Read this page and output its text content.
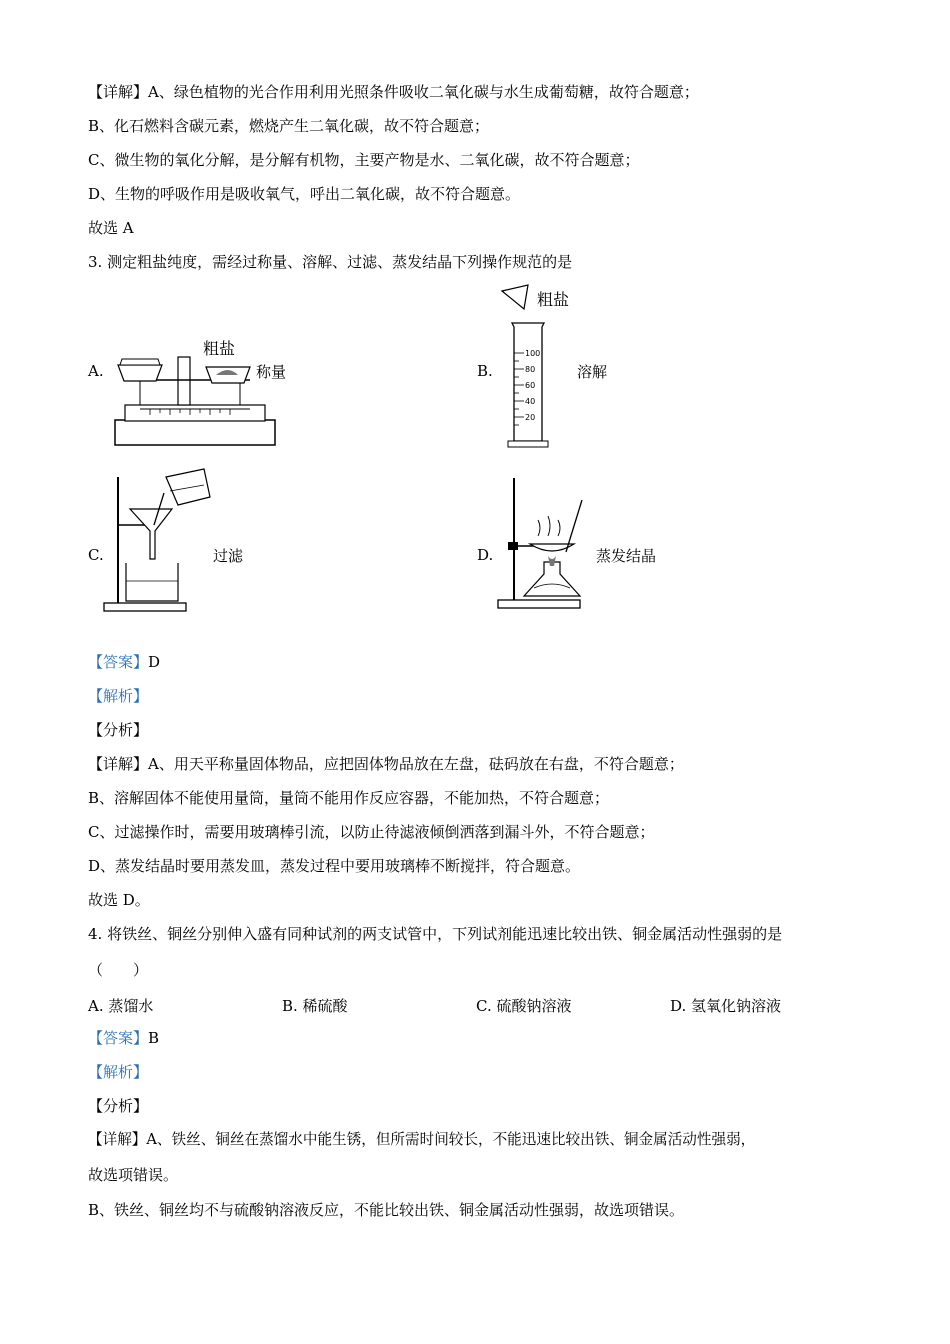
【详解】A、绿色植物的光合作用利用光照条件吸收二氧化碳与水生成葡萄糖，故符合题意；
B、化石燃料含碳元素，燃烧产生二氧化碳，故不符合题意；
C、微生物的氧化分解，是分解有机物，主要产物是水、二氧化碳，故不符合题意；
D、生物的呼吸作用是吸收氧气，呼出二氧化碳，故不符合题意。
故选 A
3. 测定粗盐纯度，需经过称量、溶解、过滤、蒸发结晶下列操作规范的是
A.
粗盐
称量	B.
100
80
60
40
20
粗盐
溶解
C.	过滤	D.	蒸发结晶
【答案】D
【解析】
【分析】
【详解】A、用天平称量固体物品，应把固体物品放在左盘，砝码放在右盘，不符合题意；
B、溶解固体不能使用量筒，量筒不能用作反应容器，不能加热，不符合题意；
C、过滤操作时，需要用玻璃棒引流，以防止待滤液倾倒洒落到漏斗外，不符合题意；
D、蒸发结晶时要用蒸发皿，蒸发过程中要用玻璃棒不断搅拌，符合题意。
故选 D。
4. 将铁丝、铜丝分别伸入盛有同种试剂的两支试管中，下列试剂能迅速比较出铁、铜金属活动性强弱的是
（　　）
A. 蒸馏水	B. 稀硫酸	C. 硫酸钠溶液	D. 氢氧化钠溶液
【答案】B
【解析】
【分析】
【详解】A、铁丝、铜丝在蒸馏水中能生锈，但所需时间较长，不能迅速比较出铁、铜金属活动性强弱，
故选项错误。
B、铁丝、铜丝均不与硫酸钠溶液反应，不能比较出铁、铜金属活动性强弱，故选项错误。
